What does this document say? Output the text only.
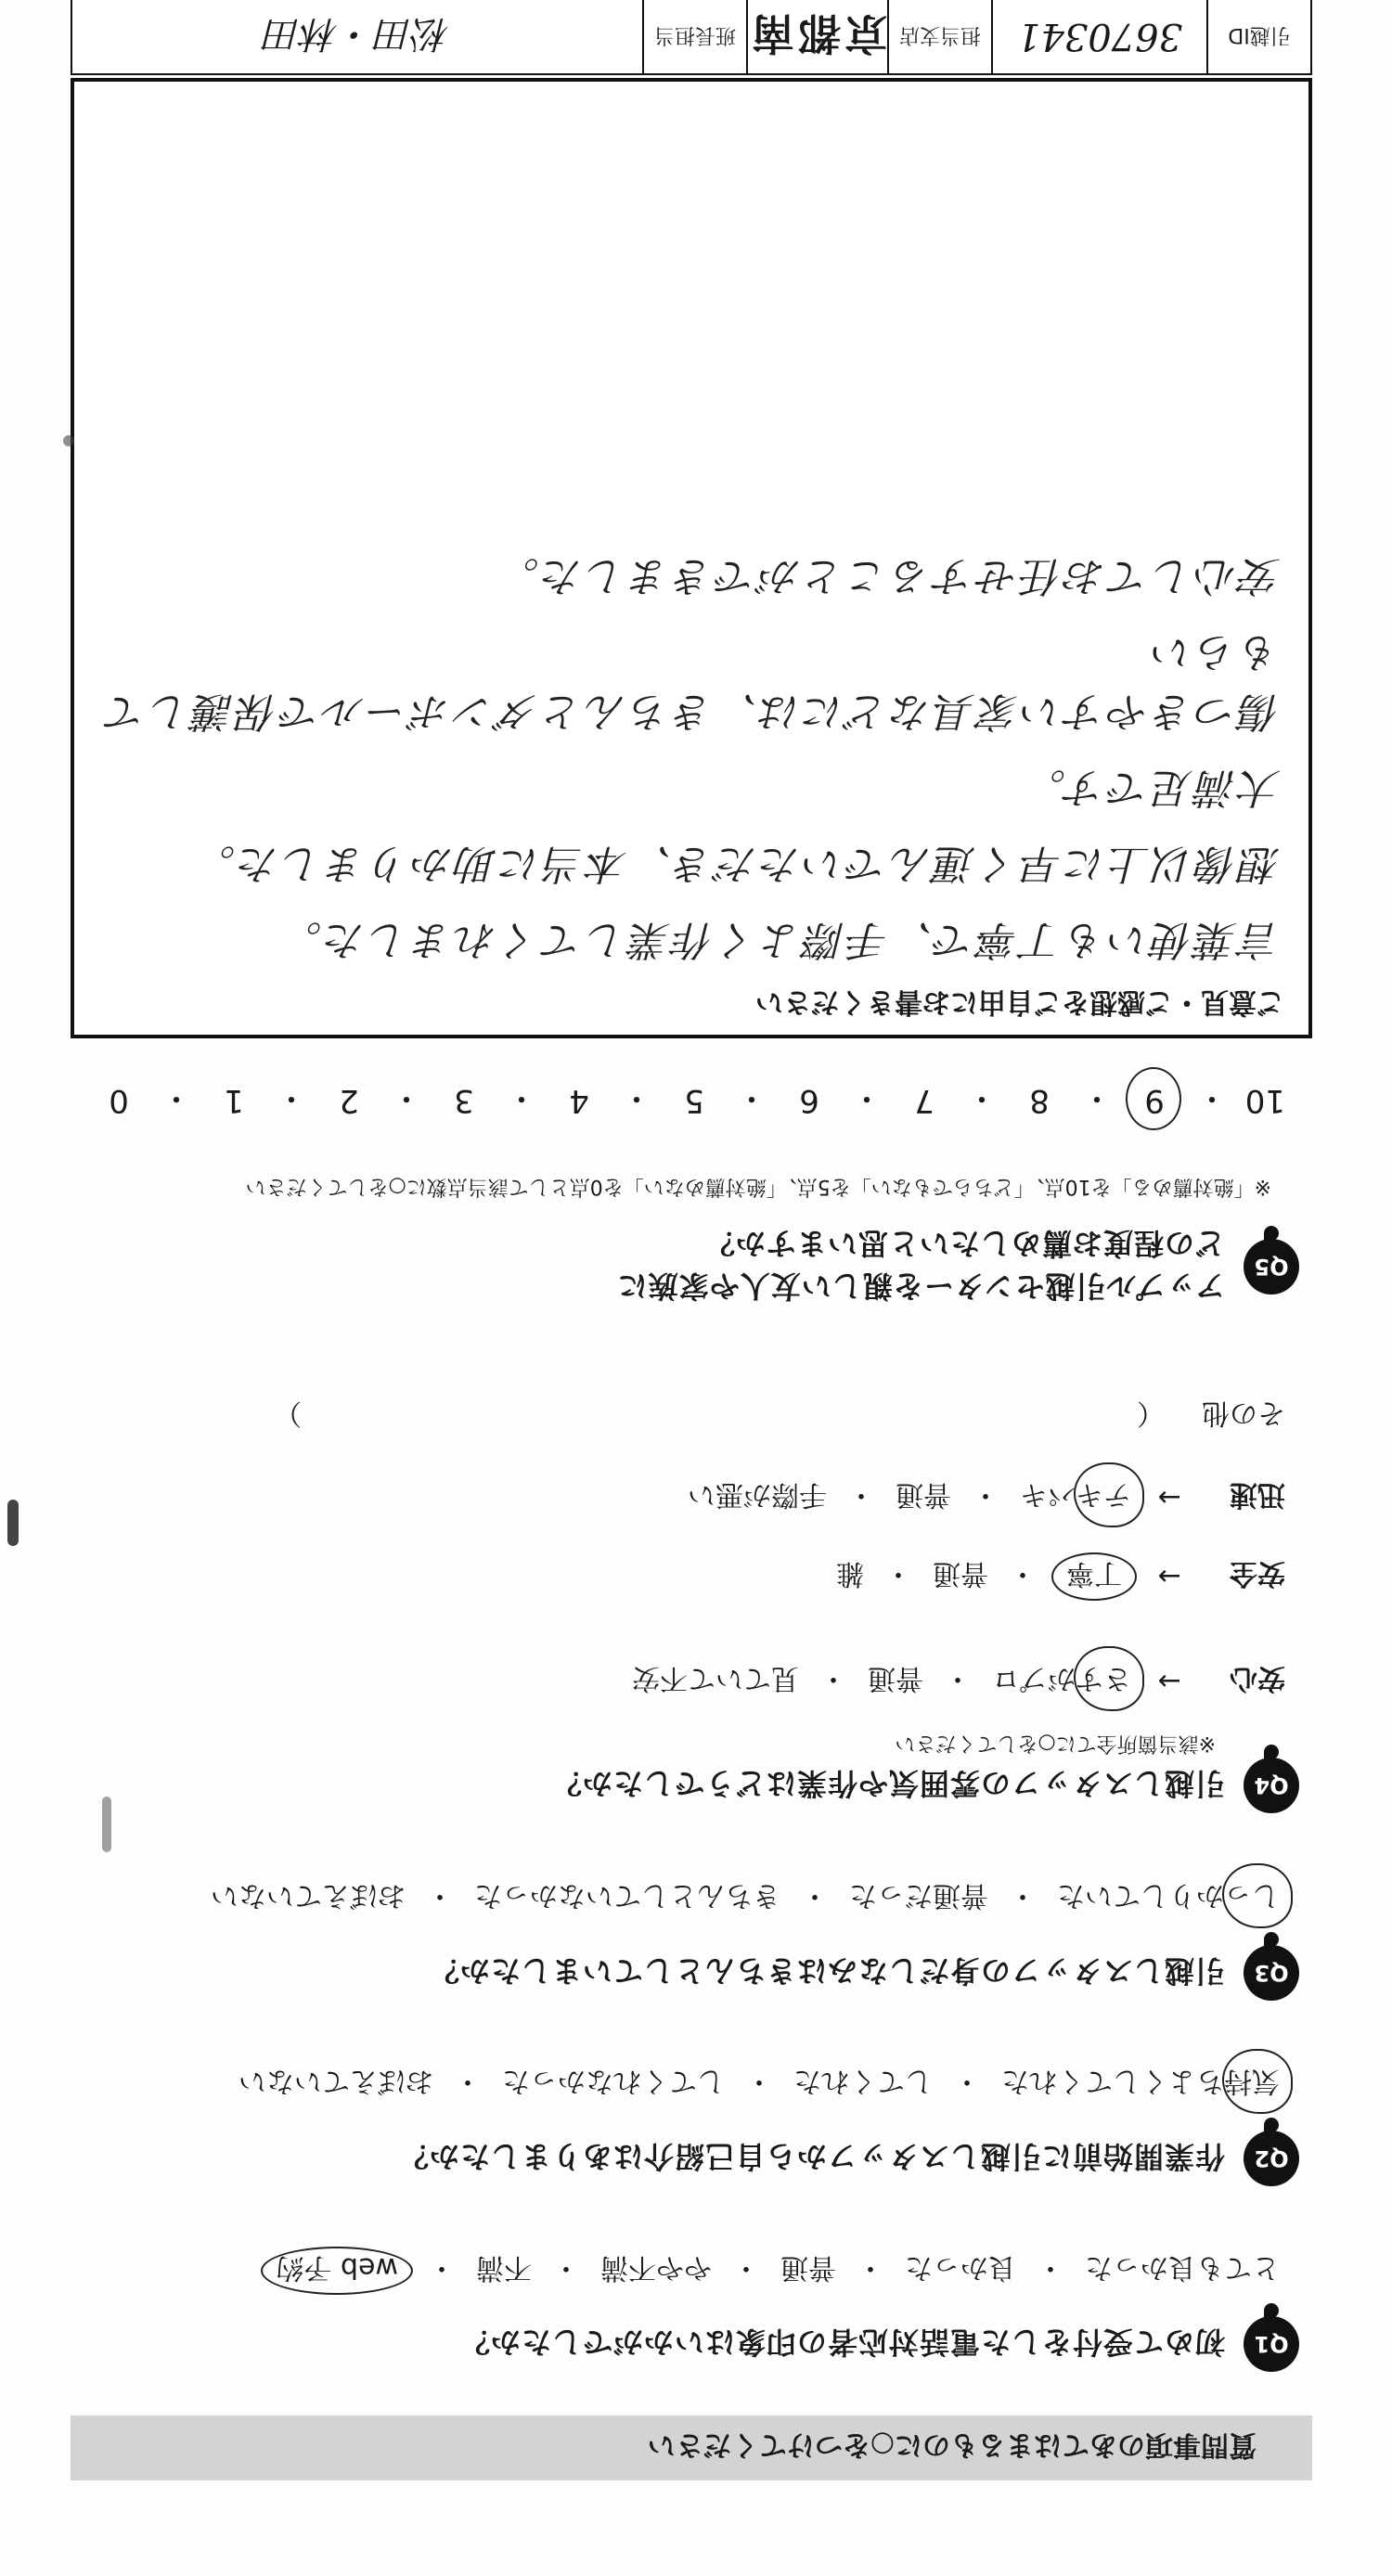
質問事項のあてはまるものに○をつけてください
Q1
初めて受付をした電話対応者の印象はいかがでしたか？
とても良かった
・
良かった
・
普通
・
やや不満
・
不満
・
web 予約
Q2
作業開始前に引越しスタッフから自己紹介はありましたか？
気持ちよくしてくれた
・
してくれた
・
してくれなかった
・
おぼえていない
Q3
引越しスタッフの身だしなみはきちんとしていましたか？
しっかりしていた
・
普通だった
・
きちんとしていなかった
・
おぼえていない
Q4
引越しスタッフの雰囲気や作業はどうでしたか？
※該当箇所全てに○をしてください
安心
→
さすがプロ
・
普通
・
見ていて不安
安全
→
丁寧
・
普通
・
雑
迅速
→
テキパキ
・
普通
・
手際が悪い
その他
（
）
Q5
アップル引越センターを親しい友人や家族に
どの程度お薦めしたいと思いますか？
※「絶対薦める」を10点、「どちらでもない」を5点、「絶対薦めない」を0点として該当点数に○をしてください
10
・
9
・
8
・
7
・
6
・
5
・
4
・
3
・
2
・
1
・
0
ご意見・ご感想をご自由にお書きください
言葉使いも丁寧で、手際よく作業してくれました。
想像以上に早く運んでいただき、本当に助かりました。
大満足です。
傷つきやすい家具などには、きちんとダンボールで保護してもらい
安心してお任せすることができました。
引越ID
3670341
担当支店
京都南
班長担当
松田・林田
